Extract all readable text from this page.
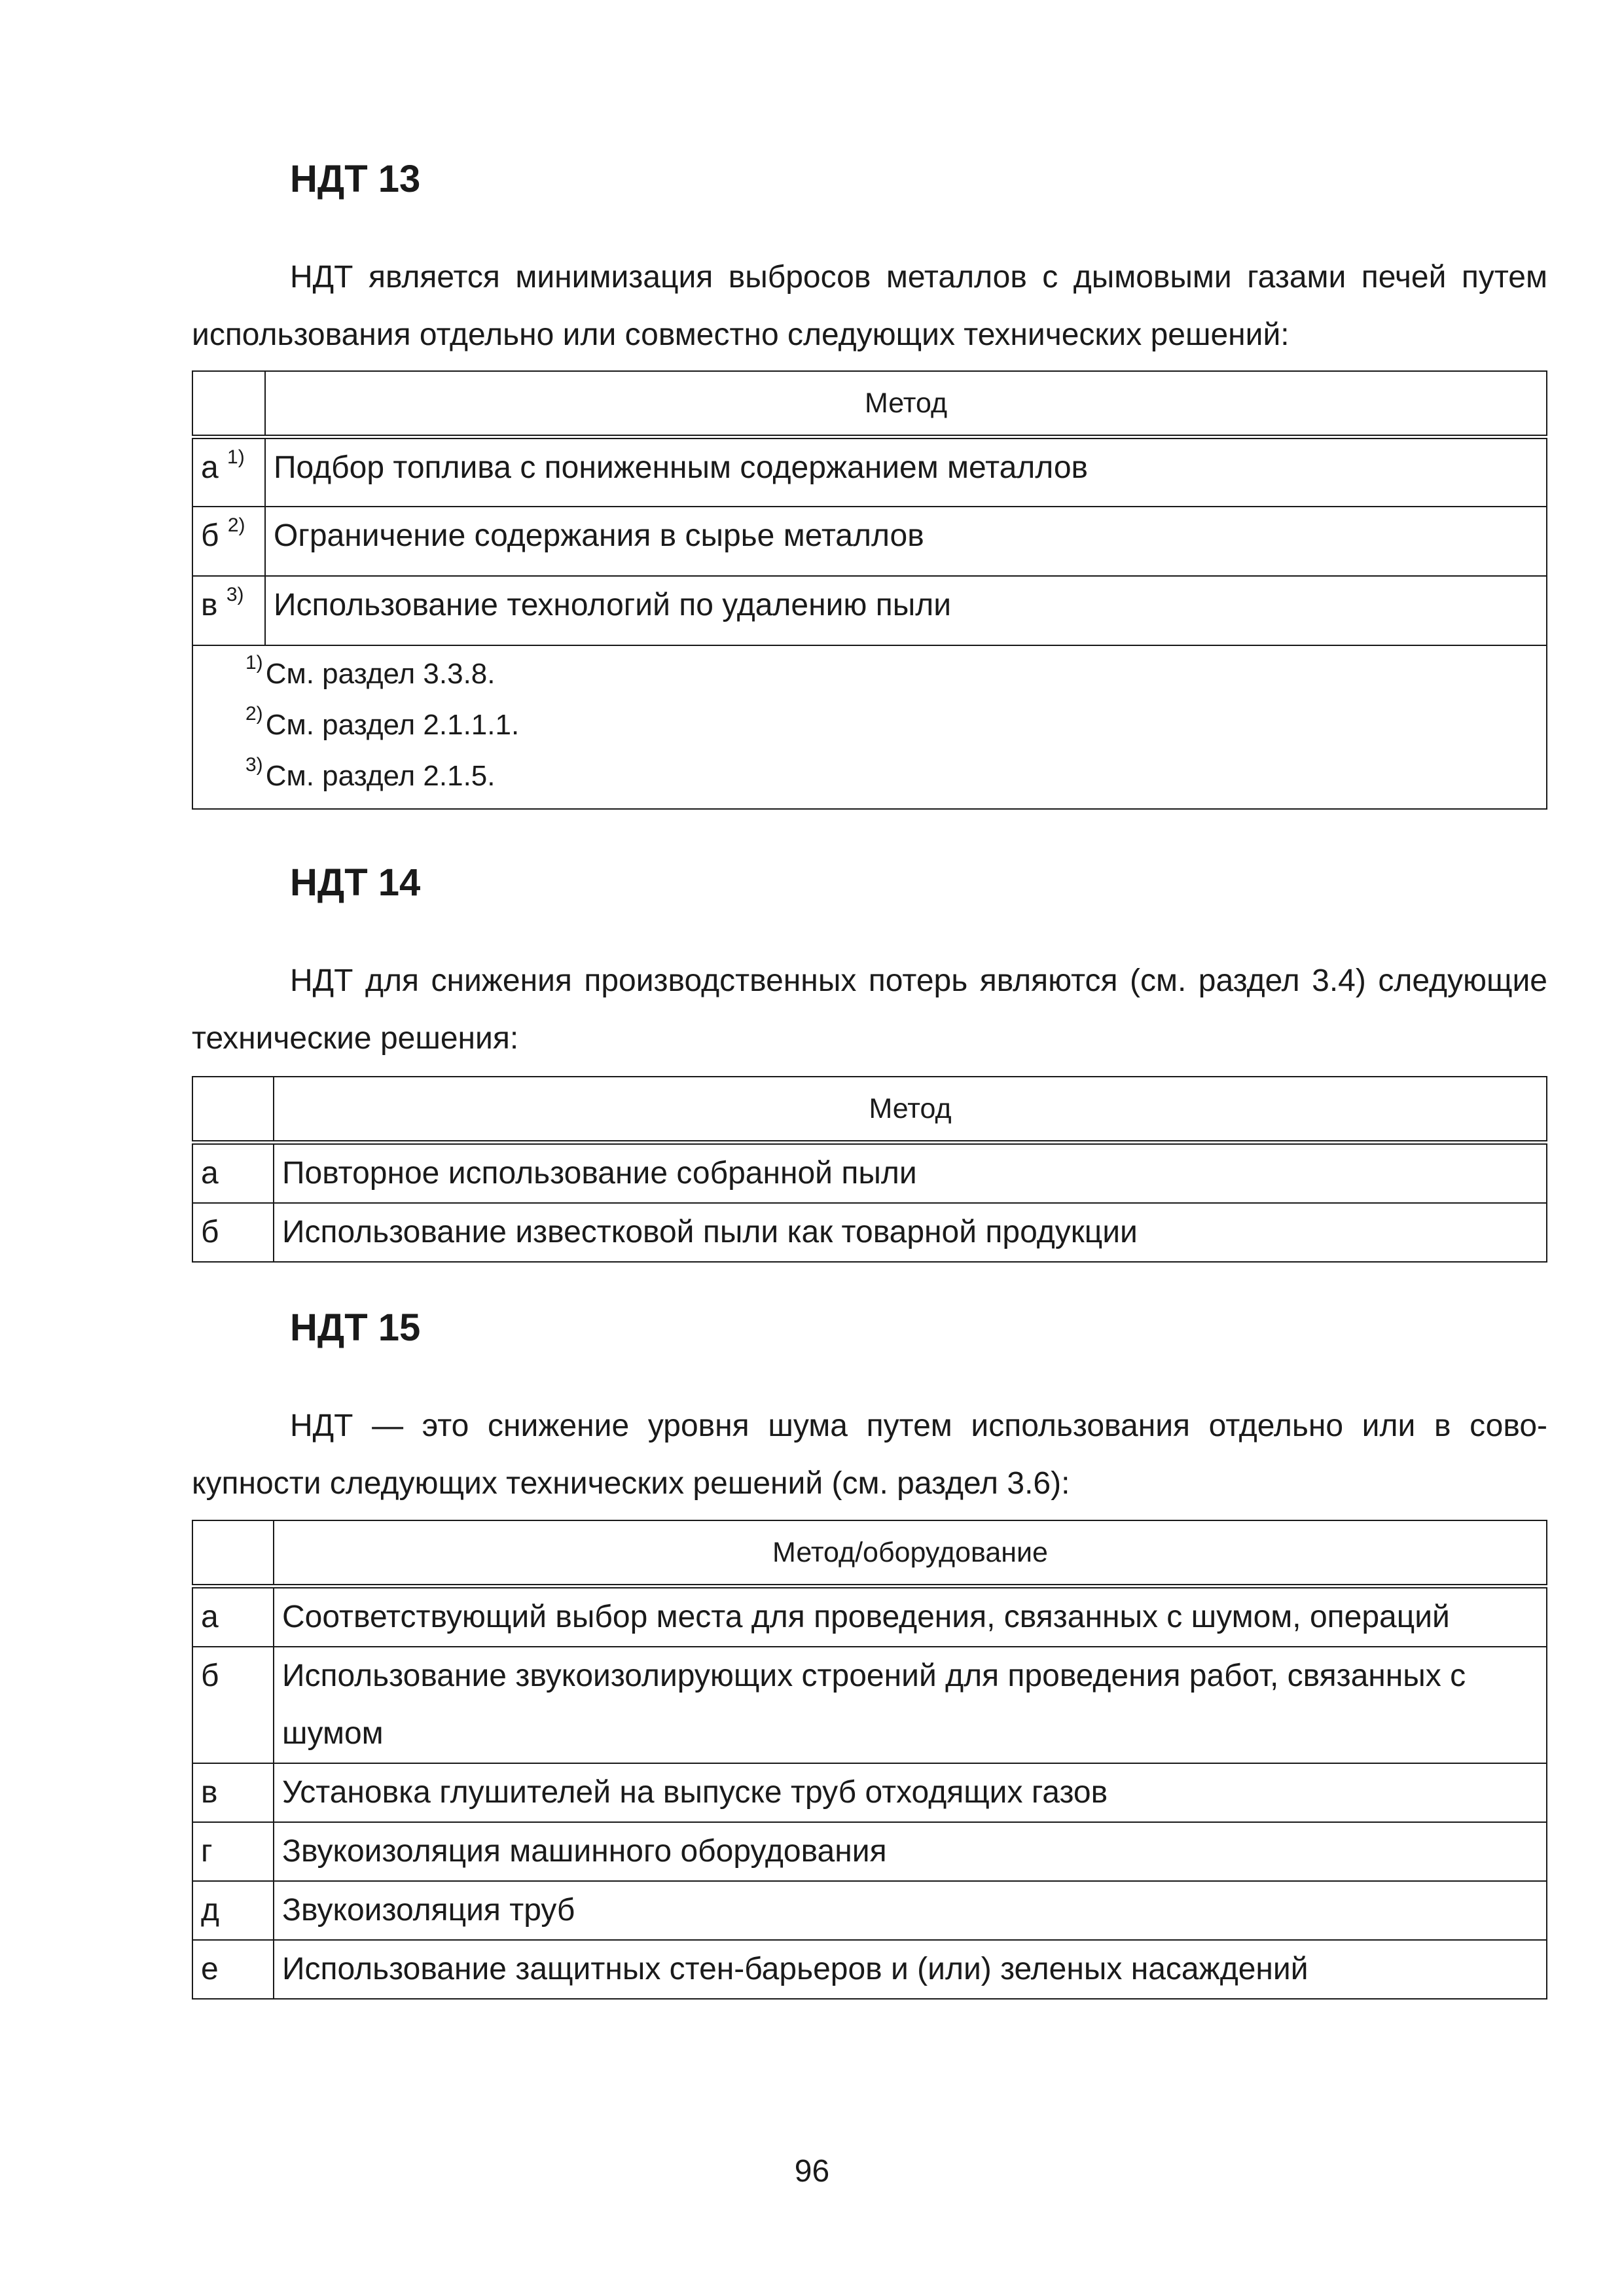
НДТ 13

НДТ является минимизация выбросов металлов с дымовыми газами печей путем использования отдельно или совместно следующих технических решений:

	Метод
а $^{1)}$	Подбор топлива с пониженным содержанием металлов
б $^{2)}$	Ограничение содержания в сырье металлов
в $^{3)}$	Использование технологий по удалению пыли

$^{1)}$См. раздел 3.3.8.
$^{2)}$См. раздел 2.1.1.1.
$^{3)}$См. раздел 2.1.5.	
НДТ 14

НДТ для снижения производственных потерь являются (см. раздел 3.4) следующие технические решения:

	Метод
а	Повторное использование собранной пыли
б	Использование известковой пыли как товарной продукции
НДТ 15

НДТ — это снижение уровня шума путем использования отдельно или в совокупности следующих технических решений (см. раздел 3.6):

	Метод/оборудование
а	Соответствующий выбор места для проведения, связанных с шумом, операций
б	Использование звукоизолирующих строений для проведения работ, связанных с шумом
в	Установка глушителей на выпуске труб отходящих газов
г	Звукоизоляция машинного оборудования
д	Звукоизоляция труб
е	Использование защитных стен-барьеров и (или) зеленых насаждений
96
